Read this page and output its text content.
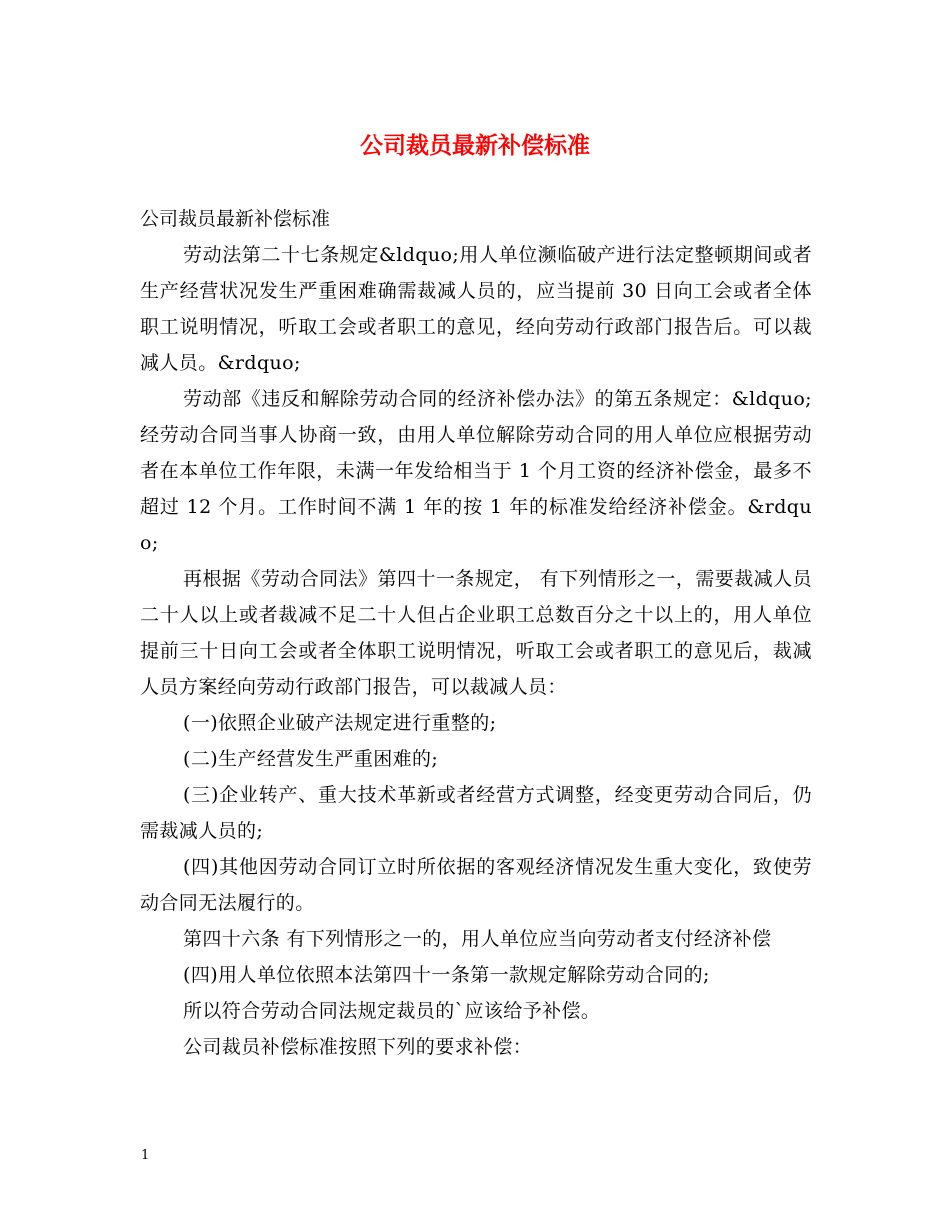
公司裁员最新补偿标准

公司裁员最新补偿标准

劳动法第二十七条规定&ldquo;用人单位濒临破产进行法定整顿期间或者生产经营状况发生严重困难确需裁减人员的，应当提前 30 日向工会或者全体职工说明情况，听取工会或者职工的意见，经向劳动行政部门报告后。可以裁减人员。&rdquo;

劳动部《违反和解除劳动合同的经济补偿办法》的第五条规定：&ldquo;经劳动合同当事人协商一致，由用人单位解除劳动合同的用人单位应根据劳动者在本单位工作年限，未满一年发给相当于 1 个月工资的经济补偿金，最多不超过 12 个月。工作时间不满 1 年的按 1 年的标准发给经济补偿金。&rdquo;

再根据《劳动合同法》第四十一条规定， 有下列情形之一，需要裁减人员二十人以上或者裁减不足二十人但占企业职工总数百分之十以上的，用人单位提前三十日向工会或者全体职工说明情况，听取工会或者职工的意见后，裁减人员方案经向劳动行政部门报告，可以裁减人员：

(一)依照企业破产法规定进行重整的;

(二)生产经营发生严重困难的;

(三)企业转产、重大技术革新或者经营方式调整，经变更劳动合同后，仍需裁减人员的;

(四)其他因劳动合同订立时所依据的客观经济情况发生重大变化，致使劳动合同无法履行的。

第四十六条 有下列情形之一的，用人单位应当向劳动者支付经济补偿

(四)用人单位依照本法第四十一条第一款规定解除劳动合同的;

所以符合劳动合同法规定裁员的`应该给予补偿。

公司裁员补偿标准按照下列的要求补偿：

1
